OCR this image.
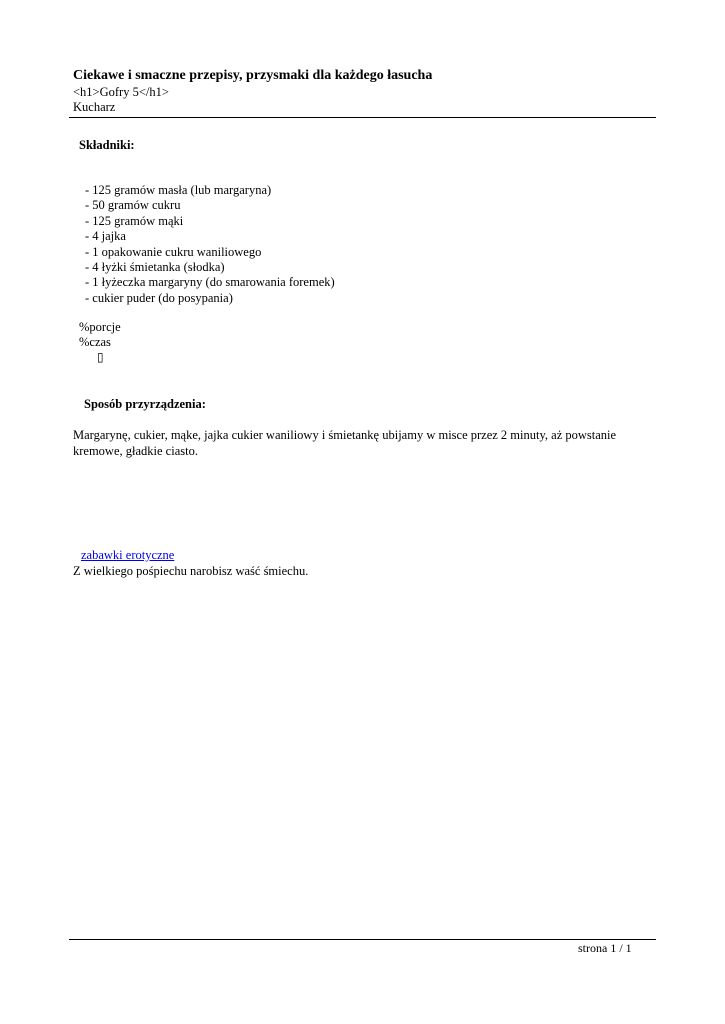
Ciekawe i smaczne przepisy, przysmaki dla każdego łasucha
<h1>Gofry 5</h1>
Kucharz
Składniki:
- 125 gramów masła (lub margaryna)
- 50 gramów cukru
- 125 gramów mąki
- 4 jajka
- 1 opakowanie cukru waniliowego
- 4 łyżki śmietanka (słodka)
- 1 łyżeczka margaryny (do smarowania foremek)
- cukier puder (do posypania)
%porcje
%czas
▯
Sposób przyrządzenia:

Margarynę, cukier, mąke, jajka cukier waniliowy i śmietankę ubijamy w misce przez 2 minuty, aż powstanie kremowe, gładkie ciasto.

zabawki erotyczne
Z wielkiego pośpiechu narobisz waść śmiechu.
strona 1 / 1
